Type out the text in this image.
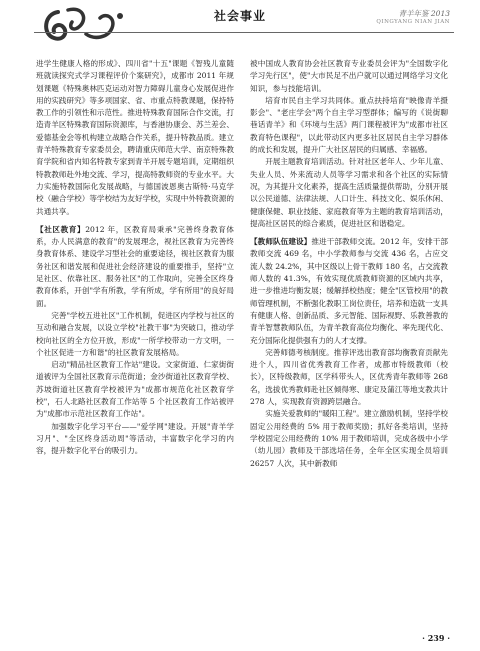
社会事业	青羊年鉴 2013
QINGYANG NIAN JIAN

进学生健康人格的形成》、四川省"十五"课题《智残儿童随班就读探究式学习课程评价个案研究》，成都市 2011 年规划课题《特殊奥林匹克运动对智力障碍儿童身心发展促进作用的实践研究》等多项国家、省、市重点特教课题，保持特教工作的引领性和示范性。推进特殊教育国际合作交流，打造青羊区特殊教育国际资源库，与香港协康会、苏兰差会、爱德基金会等机构建立战略合作关系，提升特教品质。建立青羊特殊教育专家委员会，聘请重庆师范大学、南京特殊教育学院和省内知名特教专家到青羊开展专题培训，定期组织特教教师赴外地交流、学习，提高特教师资的专业水平。大力实施特教国际化发展战略，与德国波恩奥古斯特·马克学校（融合学校）等学校结为友好学校，实现中外特教资源的共通共享。

【社区教育】2012 年，区教育局秉承"完善终身教育体系，办人民满意的教育"的发展理念，视社区教育为完善终身教育体系、建设学习型社会的重要途径，视社区教育为服务社区和谐发展和促进社会经济建设的重要推手，坚持"立足社区、依靠社区、服务社区"的工作取向，完善全区终身教育体系，开创"学有所教，学有所成，学有所用"的良好局面。

完善"学校五进社区"工作机制，促进区内学校与社区的互动和融合发展，以设立学校"社教干事"为突破口，推动学校向社区的全方位开放，形成"一所学校带动一方文明，一个社区促进一方和谐"的社区教育发展格局。

启动"精品社区教育工作站"建设。文家街道、仁家街街道被评为全国社区教育示范街道；金沙街道社区教育学校、苏坡街道社区教育学校被评为"成都市规范化社区教育学校"，石人北路社区教育工作站等 5 个社区教育工作站被评为"成都市示范社区教育工作站"。

加强数字化学习平台——"爱学网"建设。开展"青羊学习月"、"全区终身活动周"等活动，丰富数字化学习的内容，提升数字化平台的吸引力。

被中国成人教育协会社区教育专业委员会评为"全国数字化学习先行区"，使"大市民足不出户就可以通过网络学习文化知识，参与技能培训。

培育市民自主学习共同体。重点扶持培育"映像青羊摄影会"、"老庄学会"两个自主学习型群体；编写的《说街聊巷话青羊》和《环境与生活》两门课程被评为"成都市社区教育特色课程"，以此带动区内更多社区居民自主学习群体的成长和发展，提升广大社区居民的归属感、幸福感。

开展主题教育培训活动。针对社区老年人、少年儿童、失业人员、外来流动人员等学习需求和各个社区的实际情况，为其提升文化素养，提高生活质量提供帮助，分别开展以公民道德、法律法规、人口计生、科技文化、娱乐休闲、健康保健、职业技能、家庭教育等为主题的教育培训活动，提高社区居民的综合素质，促进社区和谐稳定。

【教师队伍建设】推进干部教师交流。2012 年，安排干部教师交流 469 名，中小学教师参与交流 436 名，占应交流人数 24.2%，其中区级以上骨干教师 180 名，占交流教师人数的 41.3%，有效实现优质教师资源的区域内共享，进一步推进均衡发展；缓解择校热度；健全"区管校用"的教师管理机制，不断强化教职工岗位责任，培养和造就一支具有健康人格、创新品质、多元智能、国际视野、乐教善教的青羊智慧教师队伍，为青羊教育高位均衡化、率先现代化、充分国际化提供强有力的人才支撑。

完善师德考核制度。推荐评选出教育部均衡教育贡献先进个人，四川省优秀教育工作者，成都市特级教师（校长），区特级教师，区学科带头人，区优秀青年教师等 268 名，选拔优秀教师赴社区倾得寒、康定及蒲江等地支教共计 278 人，实现教育资源跨层融合。

实施关爱教师的"暖阳工程"。建立激励机制，坚持学校固定公用经费的 5% 用于教师奖励；抓好各类培训，坚持学校固定公用经费的 10% 用于教师培训，完成各级中小学（幼儿园）教师及干部选培任务，全年全区实现全员培训 26257 人次，其中新教师

· 239 ·
